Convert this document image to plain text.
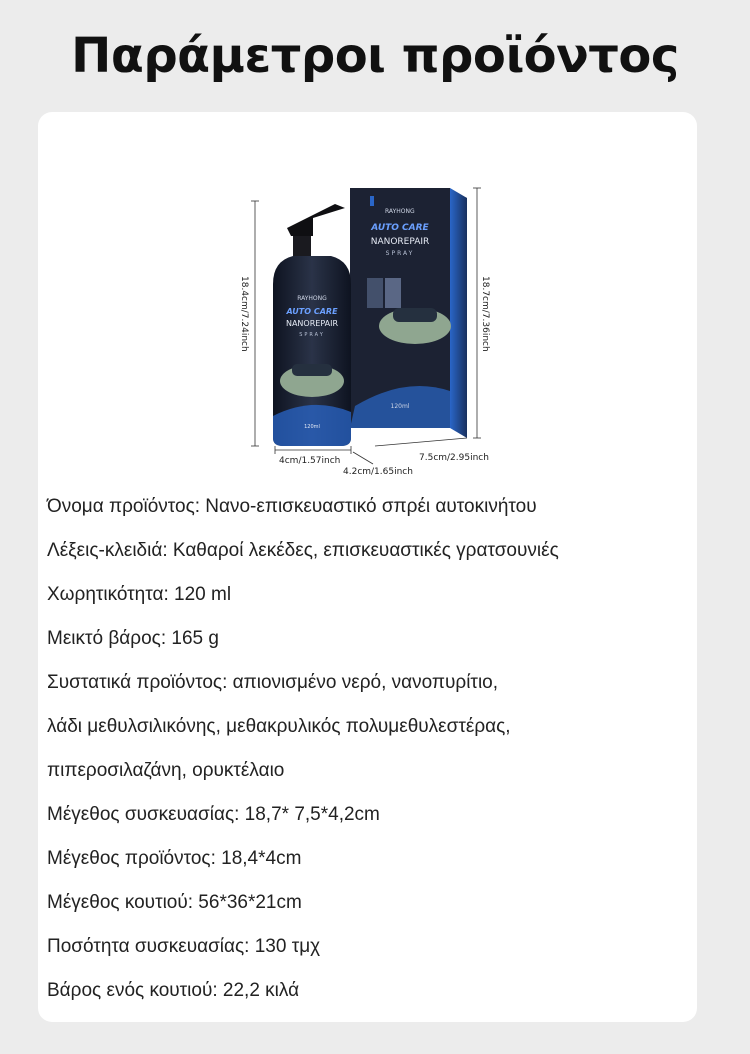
Παράμετροι προϊόντος
RAYHONG
AUTO CARE
NANOREPAIR
SPRAY
120ml
RAYHONG
AUTO CARE
NANOREPAIR
SPRAY
120ml
18.4cm/7.24inch	18.7cm/7.36inch
4cm/1.57inch
4.2cm/1.65inch
7.5cm/2.95inch
Όνομα προϊόντος: Νανο-επισκευαστικό σπρέι αυτοκινήτου
Λέξεις-κλειδιά: Καθαροί λεκέδες, επισκευαστικές γρατσουνιές
Χωρητικότητα: 120 ml
Μεικτό βάρος: 165 g
Συστατικά προϊόντος: απιονισμένο νερό, νανοπυρίτιο,
λάδι μεθυλσιλικόνης, μεθακρυλικός πολυμεθυλεστέρας,
πιπεροσιλαζάνη, ορυκτέλαιο
Μέγεθος συσκευασίας: 18,7* 7,5*4,2cm
Μέγεθος προϊόντος: 18,4*4cm
Μέγεθος κουτιού: 56*36*21cm
Ποσότητα συσκευασίας: 130 τμχ
Βάρος ενός κουτιού: 22,2 κιλά
